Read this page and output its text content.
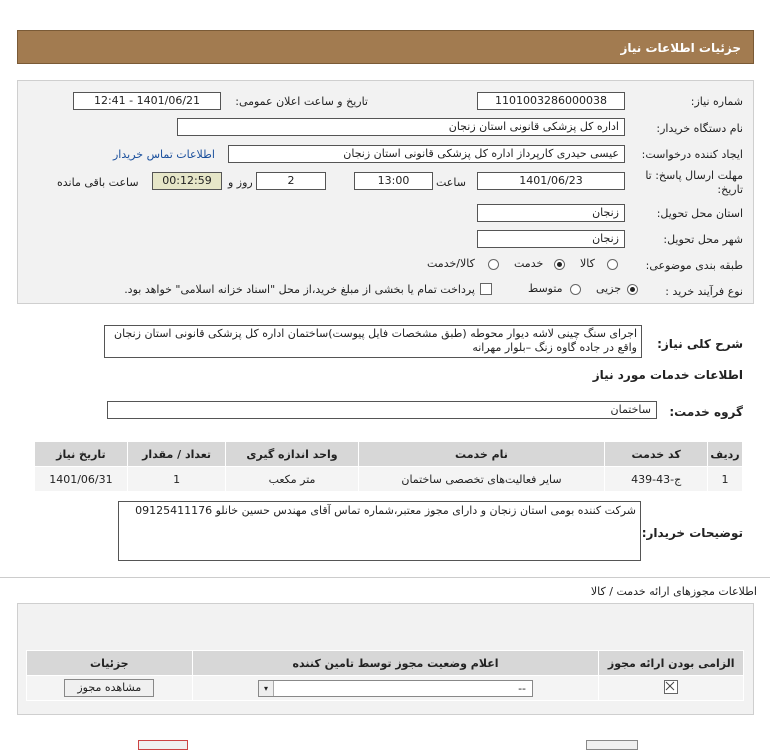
جزئیات اطلاعات نیاز
شماره نیاز:
1101003286000038
تاریخ و ساعت اعلان عمومی:
1401/06/21 - 12:41
نام دستگاه خریدار:
اداره کل پزشکی قانونی استان زنجان
ایجاد کننده درخواست:
عیسی حیدری کارپرداز اداره کل پزشکی قانونی استان زنجان
اطلاعات تماس خریدار
مهلت ارسال پاسخ: تا
تاریخ:
1401/06/23
ساعت
13:00
2
روز و
00:12:59
ساعت باقی مانده
استان محل تحویل:
زنجان
شهر محل تحویل:
زنجان
طبقه بندی موضوعی:
کالا
خدمت
کالا/خدمت
نوع فرآیند خرید :
جزیی
متوسط
پرداخت تمام یا بخشی از مبلغ خرید،از محل "اسناد خزانه اسلامی" خواهد بود.
شرح کلی نیاز:
اجرای سنگ چینی لاشه دیوار محوطه (طبق مشخصات فایل پیوست)ساختمان اداره کل پزشکی قانونی استان زنجان واقع در جاده گاوه زنگ –بلوار مهرانه
اطلاعات خدمات مورد نیاز
گروه خدمت:
ساختمان
تاریخ نیاز	تعداد / مقدار	واحد اندازه گیری	نام خدمت	کد خدمت	ردیف
1401/06/31	1	متر مکعب	سایر فعالیت‌های تخصصی ساختمان	ج-43-439	1
توضیحات خریدار:
شرکت کننده بومی استان زنجان و دارای مجوز معتبر،شماره تماس آقای مهندس حسین خانلو 09125411176
اطلاعات مجوزهای ارائه خدمت / کالا
جزئیات	اعلام وضعیت مجوز توسط تامین کننده	الزامی بودن ارائه مجوز

مشاهده مجوز	--
▾
